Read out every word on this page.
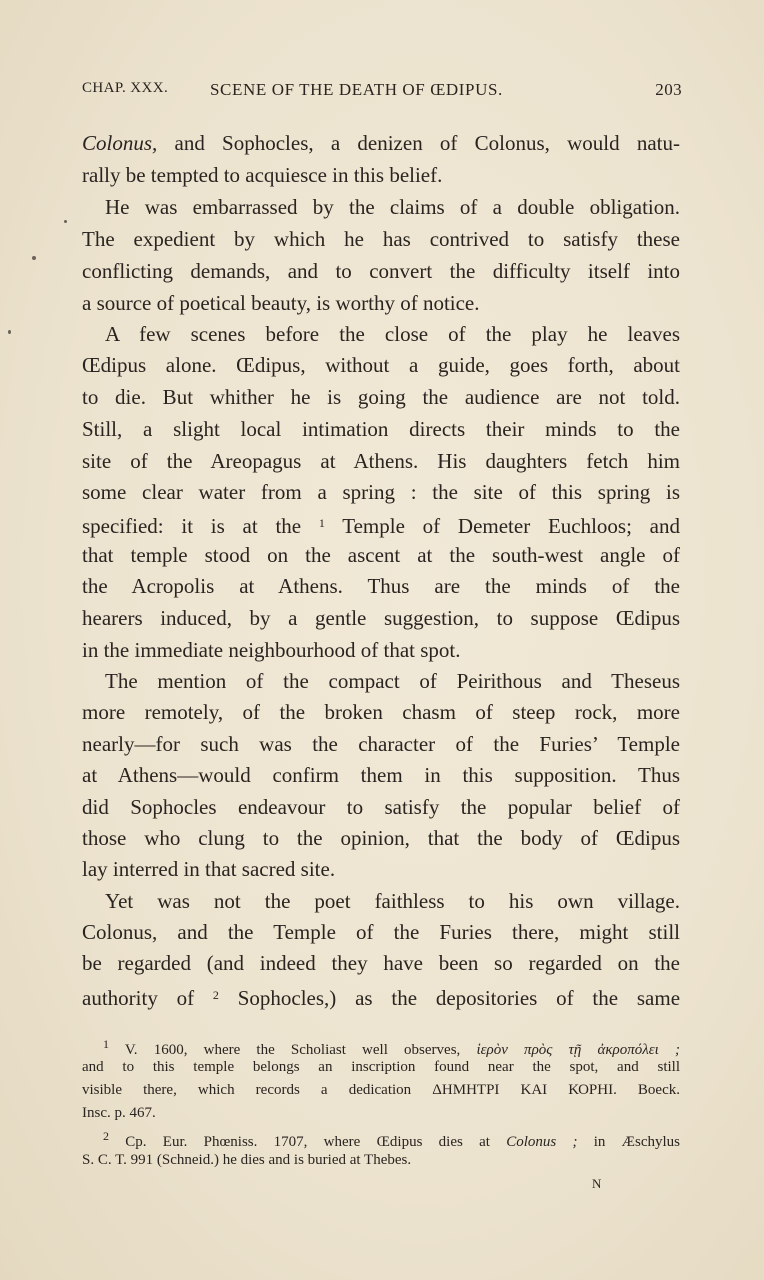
CHAP. XXX. SCENE OF THE DEATH OF ŒDIPUS.	203
Colonus, and Sophocles, a denizen of Colonus, would natu-
rally be tempted to acquiesce in this belief.
He was embarrassed by the claims of a double obligation.
The expedient by which he has contrived to satisfy these
conflicting demands, and to convert the difficulty itself into
a source of poetical beauty, is worthy of notice.
A few scenes before the close of the play he leaves
Œdipus alone. Œdipus, without a guide, goes forth, about
to die. But whither he is going the audience are not told.
Still, a slight local intimation directs their minds to the
site of the Areopagus at Athens. His daughters fetch him
some clear water from a spring : the site of this spring is
specified: it is at the $^1$ Temple of Demeter Euchloos; and
that temple stood on the ascent at the south-west angle of
the Acropolis at Athens. Thus are the minds of the
hearers induced, by a gentle suggestion, to suppose Œdipus
in the immediate neighbourhood of that spot.
The mention of the compact of Peirithous and Theseus
more remotely, of the broken chasm of steep rock, more
nearly—for such was the character of the Furies’ Temple
at Athens—would confirm them in this supposition. Thus
did Sophocles endeavour to satisfy the popular belief of
those who clung to the opinion, that the body of Œdipus
lay interred in that sacred site.
Yet was not the poet faithless to his own village.
Colonus, and the Temple of the Furies there, might still
be regarded (and indeed they have been so regarded on the
authority of $^2$ Sophocles,) as the depositories of the same
$^1$ V. 1600, where the Scholiast well observes, ἱερὸν πρὸς τῇ ἀκροπόλει ;
and to this temple belongs an inscription found near the spot, and still
visible there, which records a dedication ΔΗΜΗΤΡΙ ΚΑΙ ΚΟΡΗΙ. Boeck.
Insc. p. 467.
$^2$ Cp. Eur. Phœniss. 1707, where Œdipus dies at Colonus ; in Æschylus
S. C. T. 991 (Schneid.) he dies and is buried at Thebes.
N
